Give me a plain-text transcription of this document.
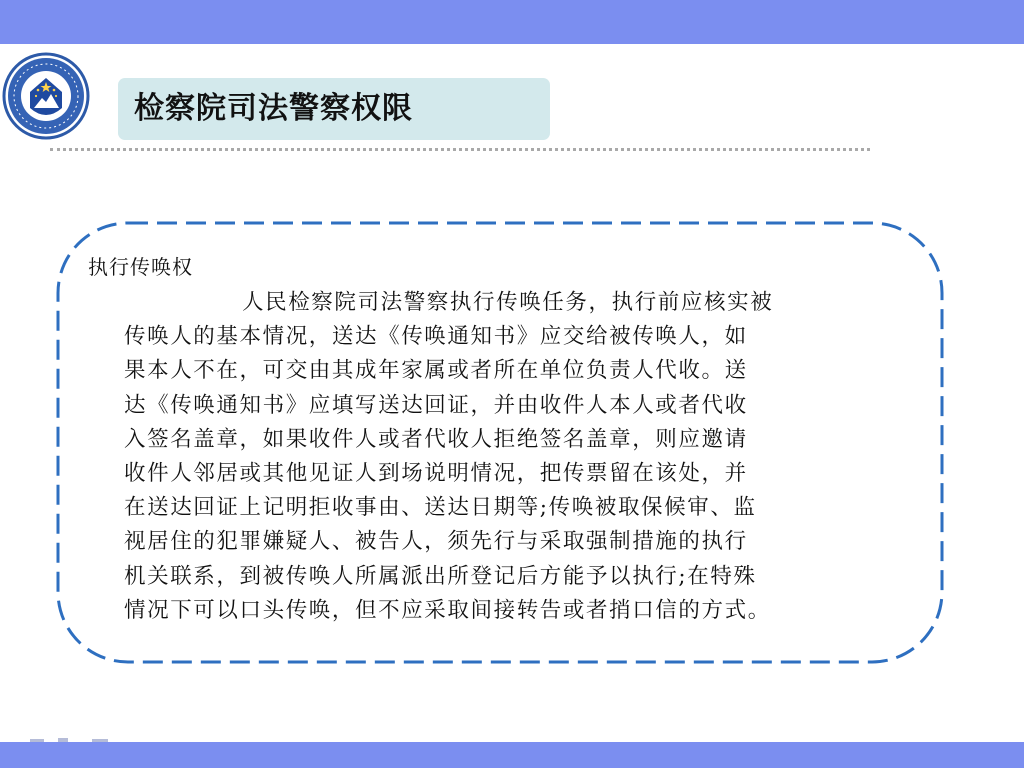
检察院司法警察权限
执行传唤权
人民检察院司法警察执行传唤任务，执行前应核实被
传唤人的基本情况，送达《传唤通知书》应交给被传唤人，如
果本人不在，可交由其成年家属或者所在单位负责人代收。送
达《传唤通知书》应填写送达回证，并由收件人本人或者代收
入签名盖章，如果收件人或者代收人拒绝签名盖章，则应邀请
收件人邻居或其他见证人到场说明情况，把传票留在该处，并
在送达回证上记明拒收事由、送达日期等;传唤被取保候审、监
视居住的犯罪嫌疑人、被告人，须先行与采取强制措施的执行
机关联系，到被传唤人所属派出所登记后方能予以执行;在特殊
情况下可以口头传唤，但不应采取间接转告或者捎口信的方式。
